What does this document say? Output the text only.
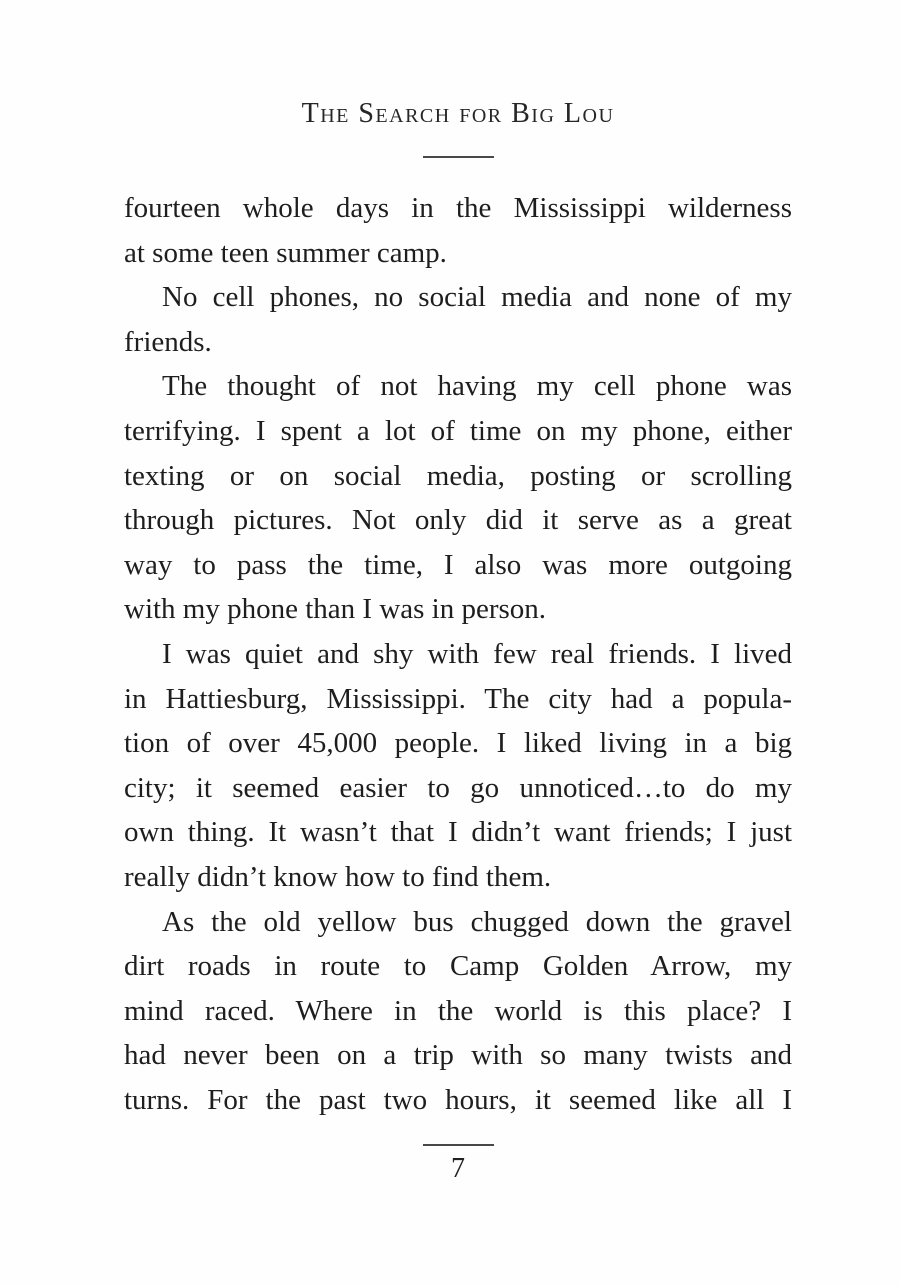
The Search for Big Lou
fourteen whole days in the Mississippi wilderness
at some teen summer camp.
No cell phones, no social media and none of my
friends.
The thought of not having my cell phone was
terrifying. I spent a lot of time on my phone, either
texting or on social media, posting or scrolling
through pictures. Not only did it serve as a great
way to pass the time, I also was more outgoing
with my phone than I was in person.
I was quiet and shy with few real friends. I lived
in Hattiesburg, Mississippi. The city had a popula-
tion of over 45,000 people. I liked living in a big
city; it seemed easier to go unnoticed…to do my
own thing. It wasn’t that I didn’t want friends; I just
really didn’t know how to find them.
As the old yellow bus chugged down the gravel
dirt roads in route to Camp Golden Arrow, my
mind raced. Where in the world is this place? I
had never been on a trip with so many twists and
turns. For the past two hours, it seemed like all I
7
